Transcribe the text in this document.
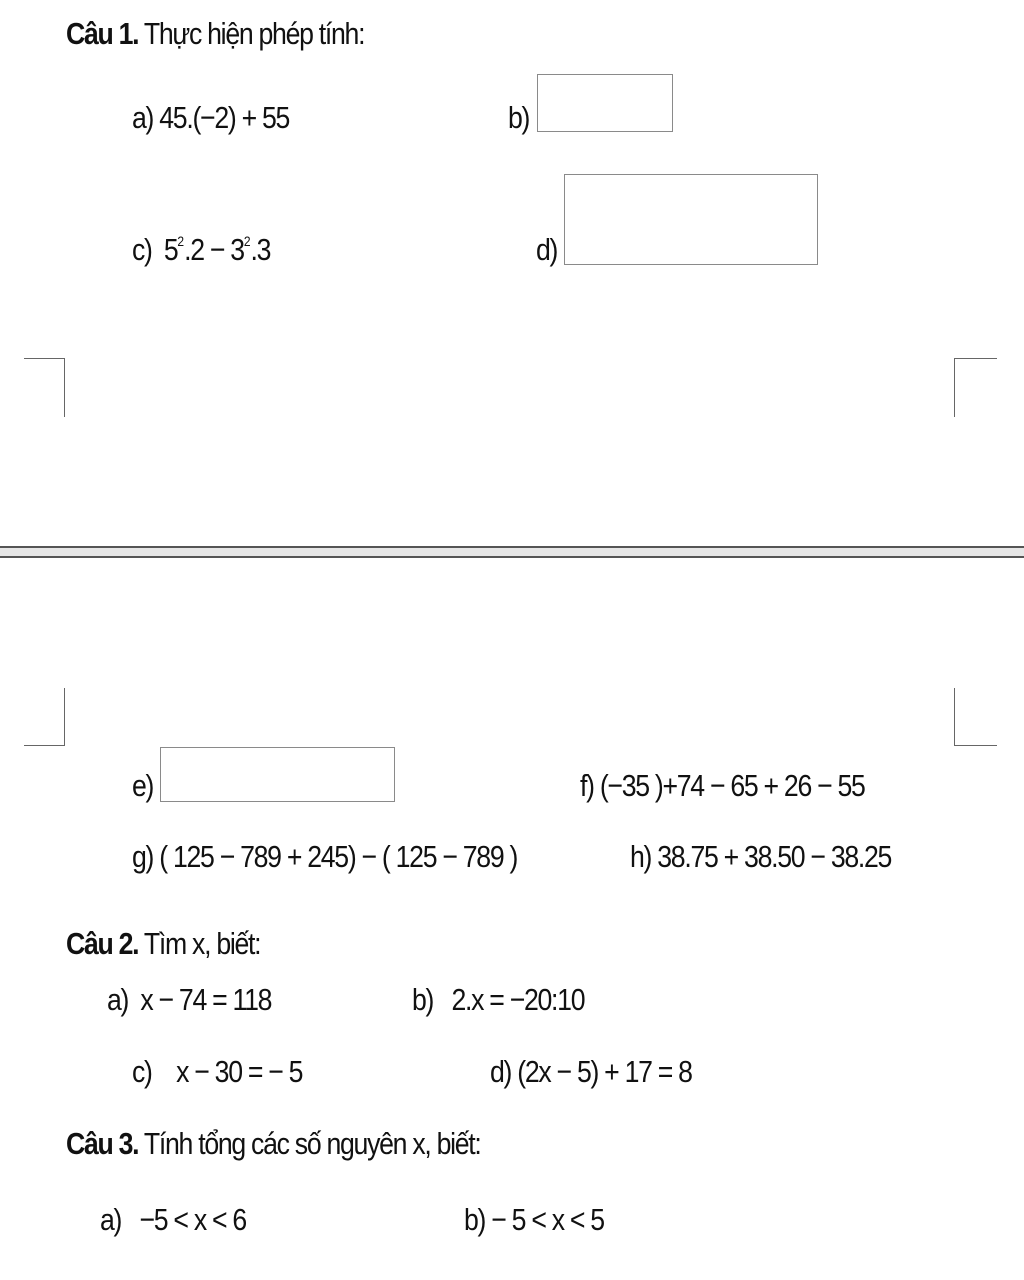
Câu 1. Thực hiện phép tính:
a) 45.(−2) + 55	b)
c) $5^2.2 - 3^2.3$	d)
e)	f) (−35 )+74 − 65 + 26 − 55
g) ( 125 − 789 + 245) − ( 125 − 789 )	h) 38.75 + 38.50 − 38.25
Câu 2. Tìm x, biết:
a) x − 74 = 118	b) 2.x = −20:10
c) x − 30 = − 5	d) (2x − 5) + 17 = 8
Câu 3. Tính tổng các số nguyên x, biết:
a) −5 < x < 6	b) − 5 < x < 5
